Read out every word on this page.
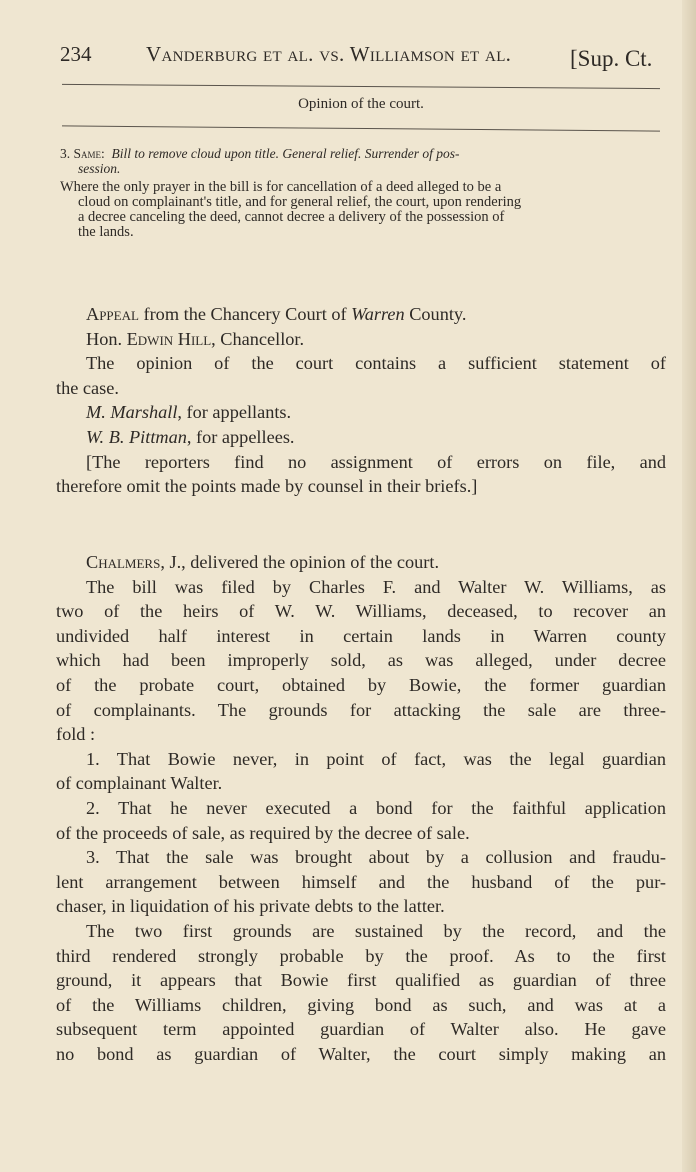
234	Vanderburg et al. vs. Williamson et al.	[Sup. Ct.
Opinion of the court.
3. Same: Bill to remove cloud upon title. General relief. Surrender of pos-
session.
Where the only prayer in the bill is for cancellation of a deed alleged to be a
cloud on complainant's title, and for general relief, the court, upon rendering
a decree canceling the deed, cannot decree a delivery of the possession of
the lands.
Appeal from the Chancery Court of Warren County.
Hon. Edwin Hill, Chancellor.
The opinion of the court contains a sufficient statement of
the case.
M. Marshall, for appellants.
W. B. Pittman, for appellees.
[The reporters find no assignment of errors on file, and
therefore omit the points made by counsel in their briefs.]
Chalmers, J., delivered the opinion of the court.
The bill was filed by Charles F. and Walter W. Williams, as
two of the heirs of W. W. Williams, deceased, to recover an
undivided half interest in certain lands in Warren county
which had been improperly sold, as was alleged, under decree
of the probate court, obtained by Bowie, the former guardian
of complainants. The grounds for attacking the sale are three-
fold :
1. That Bowie never, in point of fact, was the legal guardian
of complainant Walter.
2. That he never executed a bond for the faithful application
of the proceeds of sale, as required by the decree of sale.
3. That the sale was brought about by a collusion and fraudu-
lent arrangement between himself and the husband of the pur-
chaser, in liquidation of his private debts to the latter.
The two first grounds are sustained by the record, and the
third rendered strongly probable by the proof. As to the first
ground, it appears that Bowie first qualified as guardian of three
of the Williams children, giving bond as such, and was at a
subsequent term appointed guardian of Walter also. He gave
no bond as guardian of Walter, the court simply making an
